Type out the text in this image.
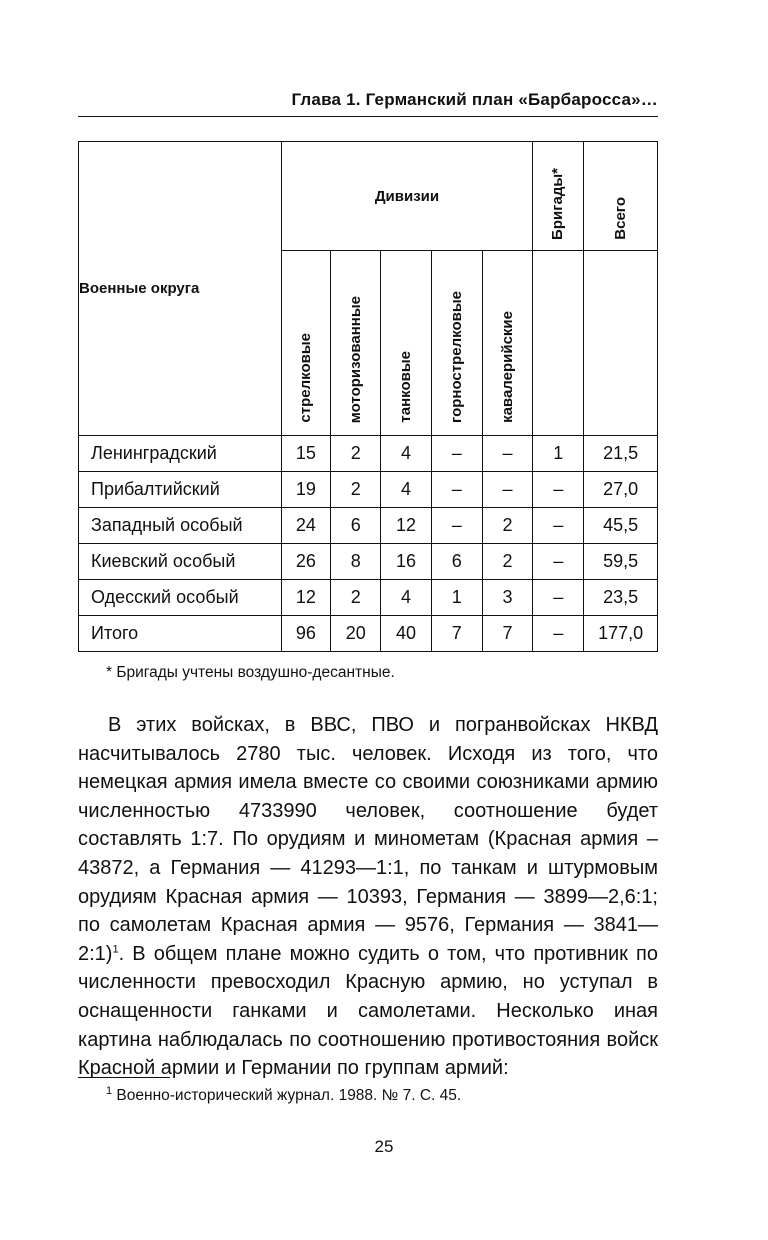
Глава 1. Германский план «Барбаросса»…
Военные округа	Дивизии					Бригады*	Всего
	стрелковые	моторизованные	танковые	горнострелковые	кавалерийские		
Ленинградский	15	2	4	–	–	1	21,5
Прибалтийский	19	2	4	–	–	–	27,0
Западный особый	24	6	12	–	2	–	45,5
Киевский особый	26	8	16	6	2	–	59,5
Одесский особый	12	2	4	1	3	–	23,5
Итого	96	20	40	7	7	–	177,0
* Бригады учтены воздушно-десантные.

В этих войсках, в ВВС, ПВО и погранвойсках НКВД насчитывалось 2780 тыс. человек. Исходя из того, что немецкая армия имела вместе со своими союзниками армию численностью 4733990 человек, соотношение будет составлять 1:7. По орудиям и минометам (Красная армия – 43872, а Германия — 41293—1:1, по танкам и штурмовым орудиям Красная армия — 10393, Германия — 3899—2,6:1; по самолетам Красная армия — 9576, Германия — 3841—2:1)$^1$. В общем плане можно судить о том, что противник по численности превосходил Красную армию, но уступал в оснащенности ганками и самолетами. Несколько иная картина наблюдалась по соотношению противостояния войск Красной армии и Германии по группам армий:

$^1$ Военно-исторический журнал. 1988. № 7. С. 45.
25
